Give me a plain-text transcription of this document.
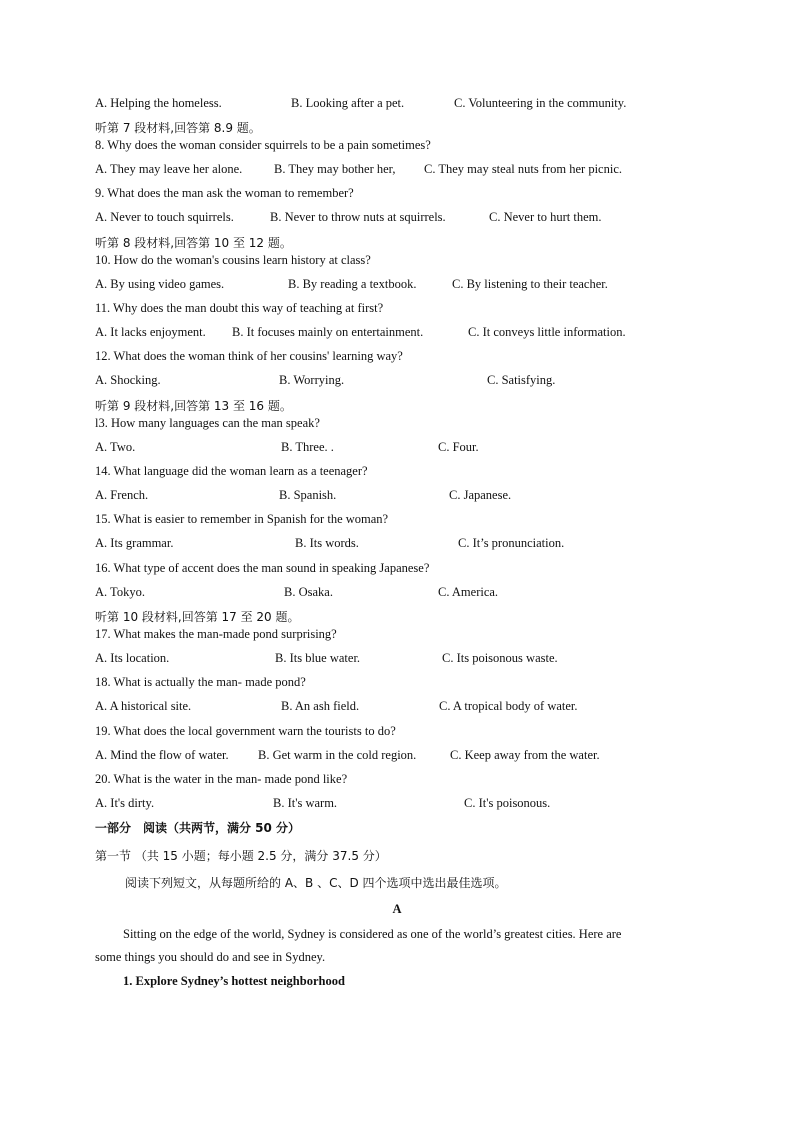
A. Helping the homeless.	B. Looking after a pet.	C. Volunteering in the community.
听第 7 段材料,回答第 8.9 题。
8. Why does the woman consider squirrels to be a pain sometimes?
A. They may leave her alone.	B. They may bother her, C. They may steal nuts from her picnic.
9. What does the man ask the woman to remember?
A. Never to touch squirrels.	B. Never to throw nuts at squirrels.	C. Never to hurt them.
听第 8 段材料,回答第 10 至 12 题。
10. How do the woman's cousins learn history at class?
A. By using video games.	B. By reading a textbook.	C. By listening to their teacher.
11. Why does the man doubt this way of teaching at first?
A. It lacks enjoyment. B. It focuses mainly on entertainment.	C. It conveys little information.
12. What does the woman think of her cousins' learning way?
A. Shocking.	B. Worrying.	C. Satisfying.
听第 9 段材料,回答第 13 至 16 题。
l3. How many languages can the man speak?
A. Two.	B. Three. .	C. Four.
14. What language did the woman learn as a teenager?
A. French.	B. Spanish.	C. Japanese.
15. What is easier to remember in Spanish for the woman?
A. Its grammar.	B. Its words.	C. It’s pronunciation.
16. What type of accent does the man sound in speaking Japanese?
A. Tokyo.	B. Osaka.	C. America.
听第 10 段材料,回答第 17 至 20 题。
17. What makes the man-made pond surprising?
A. Its location.	B. Its blue water.	C. Its poisonous waste.
18. What is actually the man- made pond?
A. A historical site.	B. An ash field.	C. A tropical body of water.
19. What does the local government warn the tourists to do?
A. Mind the flow of water. B. Get warm in the cold region.	C. Keep away from the water.
20. What is the water in the man- made pond like?
A. It's dirty.	B. It's warm.	C. It's poisonous.
一部分　阅读（共两节，满分 50 分）
第一节 （共 15 小题；每小题 2.5 分，满分 37.5 分）
阅读下列短文，从每题所给的 A、B 、C、D 四个选项中选出最佳选项。
A
Sitting on the edge of the world, Sydney is considered as one of the world’s greatest cities. Here are
some things you should do and see in Sydney.
1. Explore Sydney’s hottest neighborhood
